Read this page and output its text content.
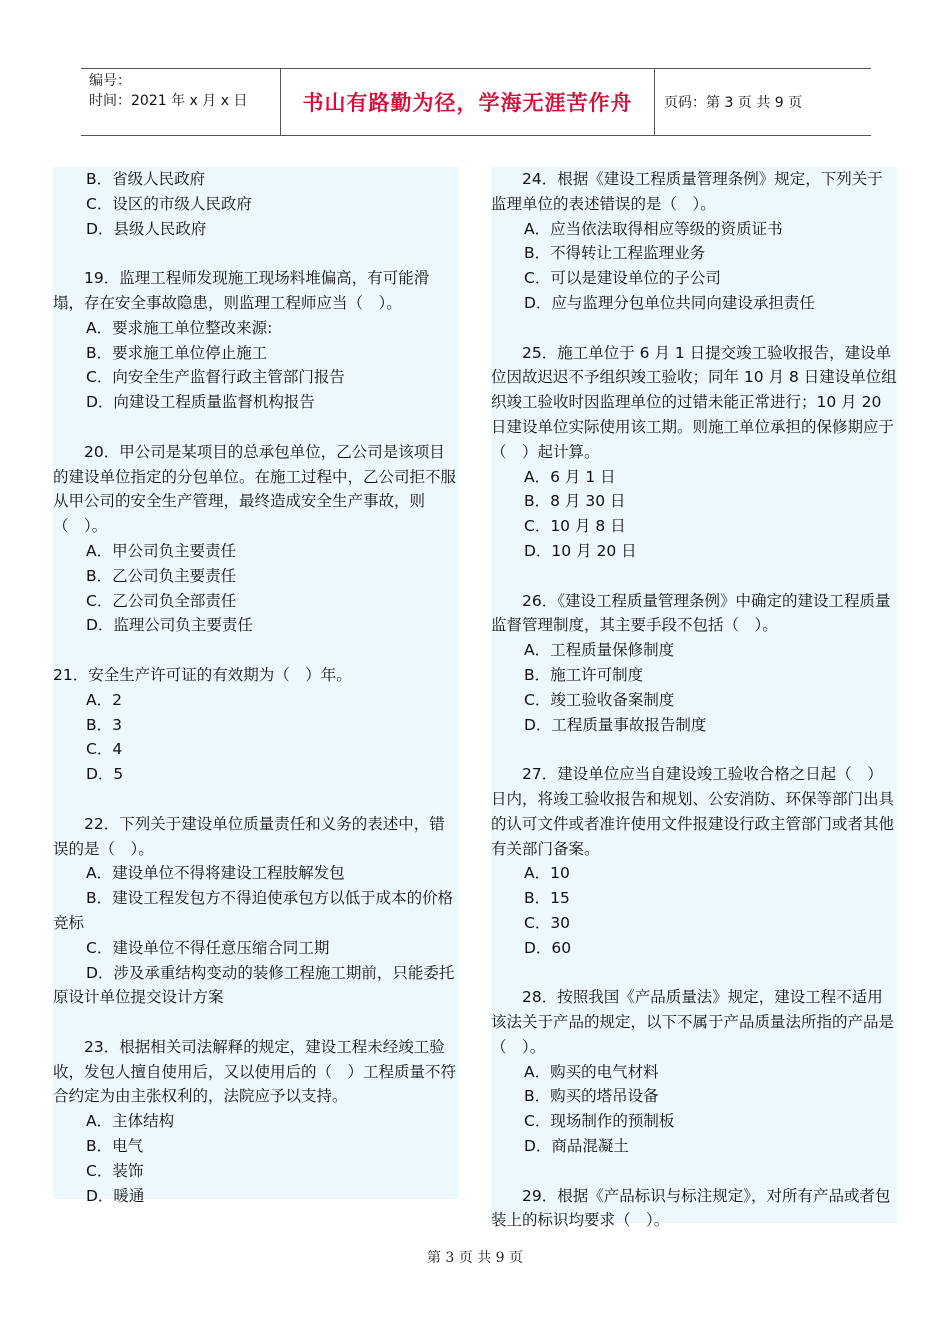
编号：
时间：2021 年 x 月 x 日	书山有路勤为径，学海无涯苦作舟	页码：第 3 页 共 9 页

B．省级人民政府

C．设区的市级人民政府

D．县级人民政府

19．监理工程师发现施工现场料堆偏高，有可能滑塌，存在安全事故隐患，则监理工程师应当（　）。

A．要求施工单位整改来源:

B．要求施工单位停止施工

C．向安全生产监督行政主管部门报告

D．向建设工程质量监督机构报告

20．甲公司是某项目的总承包单位，乙公司是该项目的建设单位指定的分包单位。在施工过程中，乙公司拒不服从甲公司的安全生产管理，最终造成安全生产事故，则（　）。

A．甲公司负主要责任

B．乙公司负主要责任

C．乙公司负全部责任

D．监理公司负主要责任

21．安全生产许可证的有效期为（　）年。

A．2

B．3

C．4

D．5

22．下列关于建设单位质量责任和义务的表述中，错误的是（　）。

A．建设单位不得将建设工程肢解发包

B．建设工程发包方不得迫使承包方以低于成本的价格竞标

C．建设单位不得任意压缩合同工期

D．涉及承重结构变动的装修工程施工期前，只能委托原设计单位提交设计方案

23．根据相关司法解释的规定，建设工程未经竣工验收，发包人擅自使用后，又以使用后的（　）工程质量不符合约定为由主张权利的，法院应予以支持。

A．主体结构

B．电气

C．装饰

D．暖通

24．根据《建设工程质量管理条例》规定，下列关于监理单位的表述错误的是（　）。

A．应当依法取得相应等级的资质证书

B．不得转让工程监理业务

C．可以是建设单位的子公司

D．应与监理分包单位共同向建设承担责任

25．施工单位于 6 月 1 日提交竣工验收报告，建设单位因故迟迟不予组织竣工验收；同年 10 月 8 日建设单位组织竣工验收时因监理单位的过错未能正常进行；10 月 20 日建设单位实际使用该工期。则施工单位承担的保修期应于（　）起计算。

A．6 月 1 日

B．8 月 30 日

C．10 月 8 日

D．10 月 20 日

26．《建设工程质量管理条例》中确定的建设工程质量监督管理制度，其主要手段不包括（　）。

A．工程质量保修制度

B．施工许可制度

C．竣工验收备案制度

D．工程质量事故报告制度

27．建设单位应当自建设竣工验收合格之日起（　）日内，将竣工验收报告和规划、公安消防、环保等部门出具的认可文件或者准许使用文件报建设行政主管部门或者其他有关部门备案。

A．10

B．15

C．30

D．60

28．按照我国《产品质量法》规定，建设工程不适用该法关于产品的规定，以下不属于产品质量法所指的产品是（　）。

A．购买的电气材料

B．购买的塔吊设备

C．现场制作的预制板

D．商品混凝土

29．根据《产品标识与标注规定》，对所有产品或者包装上的标识均要求（　）。

第 3 页 共 9 页
